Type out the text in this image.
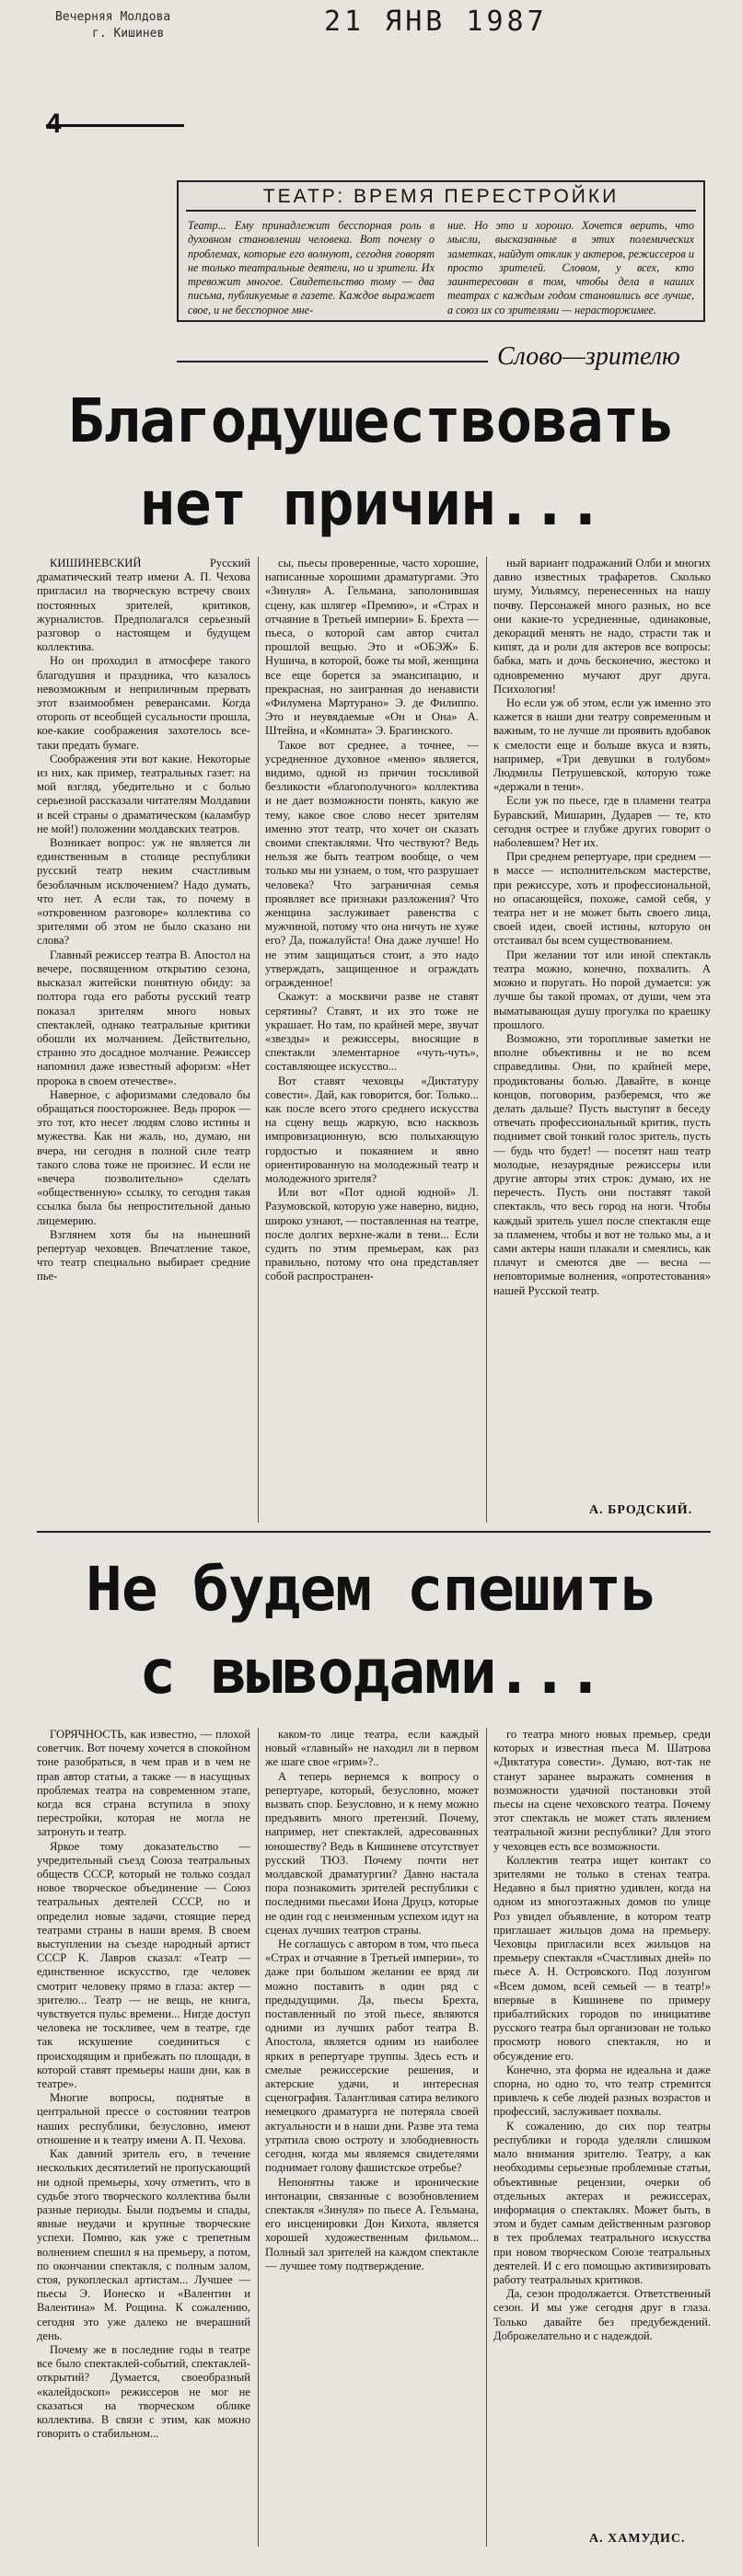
Вечерняя Молдова
г. Кишинев	21 ЯНВ 1987
ТЕАТР: ВРЕМЯ ПЕРЕСТРОЙКИ
Театр... Ему принадлежит бесспорная роль в духовном становлении человека. Вот почему о проблемах, которые его волнуют, сегодня говорят не только театральные деятели, но и зрители. Их тревожит многое. Свидетельство тому — два письма, публикуемые в газете. Каждое выражает свое, и не бесспорное мне-
ние. Но это и хорошо. Хочется верить, что мысли, высказанные в этих полемических заметках, найдут отклик у актеров, режиссеров и просто зрителей. Словом, у всех, кто заинтересован в том, чтобы дела в наших театрах с каждым годом становились все лучше, а союз их со зрителями — нерасторжимее.
Слово—зрителю
Благодушествовать
нет причин...

КИШИНЕВСКИЙ Русский драматический театр имени А. П. Чехова пригласил на творческую встречу своих постоянных зрителей, критиков, журналистов. Предполагался серьезный разговор о настоящем и будущем коллектива.

Но он проходил в атмосфере такого благодушия и праздника, что казалось невозможным и неприличным прервать этот взаимообмен реверансами. Когда оторопь от всеобщей сусальности прошла, кое-какие соображения захотелось все-таки предать бумаге.

Соображения эти вот какие. Некоторые из них, как пример, театральных газет: на мой взгляд, убедительно и с болью серьезной рассказали читателям Молдавии и всей страны о драматическом (каламбур не мой!) положении молдавских театров.

Возникает вопрос: уж не является ли единственным в столице республики русский театр неким счастливым безоблачным исключением? Надо думать, что нет. А если так, то почему в «откровенном разговоре» коллектива со зрителями об этом не было сказано ни слова?

Главный режиссер театра В. Апостол на вечере, посвященном открытию сезона, высказал житейски понятную обиду: за полтора года его работы русский театр показал зрителям много новых спектаклей, однако театральные критики обошли их молчанием. Действительно, странно это досадное молчание. Режиссер напомнил даже известный афоризм: «Нет пророка в своем отечестве».

Наверное, с афоризмами следовало бы обращаться поосторожнее. Ведь пророк — это тот, кто несет людям слово истины и мужества. Как ни жаль, но, думаю, ни вчера, ни сегодня в полной силе театр такого слова тоже не произнес. И если не «вечера позволительно» сделать «общественную» ссылку, то сегодня такая ссылка была бы непростительной данью лицемерию.

Взглянем хотя бы на нынешний репертуар чеховцев. Впечатление такое, что театр специально выбирает средние пье-

сы, пьесы проверенные, часто хорошие, написанные хорошими драматургами. Это «Зинуля» А. Гельмана, заполонившая сцену, как шлягер «Премию», и «Страх и отчаяние в Третьей империи» Б. Брехта — пьеса, о которой сам автор считал прошлой вещью. Это и «ОБЭЖ» Б. Нушича, в которой, боже ты мой, женщина все еще борется за эмансипацию, и прекрасная, но заигранная до ненависти «Филумена Мартурано» Э. де Филиппо. Это и неувядаемые «Он и Она» А. Штейна, и «Комната» Э. Брагинского.

Такое вот среднее, а точнее, — усредненное духовное «меню» является, видимо, одной из причин тоскливой безликости «благополучного» коллектива и не дает возможности понять, какую же тему, какое свое слово несет зрителям именно этот театр, что хочет он сказать своими спектаклями. Что чествуют? Ведь нельзя же быть театром вообще, о чем только мы ни узнаем, о том, что разрушает человека? Что заграничная семья проявляет все признаки разложения? Что женщина заслуживает равенства с мужчиной, потому что она ничуть не хуже его? Да, пожалуйста! Она даже лучше! Но не этим защищаться стоит, а это надо утверждать, защищенное и ограждать огражденное!

Скажут: а москвичи разве не ставят серятины? Ставят, и их это тоже не украшает. Но там, по крайней мере, звучат «звезды» и режиссеры, вносящие в спектакли элементарное «чуть-чуть», составляющее искусство...

Вот ставят чеховцы «Диктатуру совести». Дай, как говорится, бог. Только... как после всего этого среднего искусства на сцену вещь жаркую, всю насквозь импровизационную, всю полыхающую гордостью и покаянием и явно ориентированную на молодежный театр и молодежного зрителя?

Или вот «Пот одной юдной» Л. Разумовской, которую уже наверно, видно, широко узнают, — поставленная на театре, после долгих верхне-жали в тени... Если судить по этим премьерам, как раз правильно, потому что она представляет собой распространен-

ный вариант подражаний Олби и многих давно известных трафаретов. Сколько шуму, Уильямсу, перенесенных на нашу почву. Персонажей много разных, но все они какие-то усредненные, одинаковые, декораций менять не надо, страсти так и кипят, да и роли для актеров все вопросы: бабка, мать и дочь бесконечно, жестоко и одновременно мучают друг друга. Психология!

Но если уж об этом, если уж именно это кажется в наши дни театру современным и важным, то не лучше ли проявить вдобавок к смелости еще и больше вкуса и взять, например, «Три девушки в голубом» Людмилы Петрушевской, которую тоже «держали в тени».

Если уж по пьесе, где в пламени театра Буравский, Мишарин, Дударев — те, кто сегодня острее и глубже других говорит о наболевшем? Нет их.

При среднем репертуаре, при среднем — в массе — исполнительском мастерстве, при режиссуре, хоть и профессиональной, но опасающейся, похоже, самой себя, у театра нет и не может быть своего лица, своей идеи, своей истины, которую он отстаивал бы всем существованием.

При желании тот или иной спектакль театра можно, конечно, похвалить. А можно и поругать. Но порой думается: уж лучше бы такой промах, от души, чем эта выматывающая душу прогулка по краешку прошлого.

Возможно, эти торопливые заметки не вполне объективны и не во всем справедливы. Они, по крайней мере, продиктованы болью. Давайте, в конце концов, поговорим, разберемся, что же делать дальше? Пусть выступят в беседу отвечать профессиональный критик, пусть поднимет свой тонкий голос зритель, пусть — будь что будет! — посетят наш театр молодые, незаурядные режиссеры или другие авторы этих строк: думаю, их не перечесть. Пусть они поставят такой спектакль, что весь город на ноги. Чтобы каждый зритель ушел после спектакля еще за пламенем, чтобы и вот не только мы, а и сами актеры наши плакали и смеялись, как плачут и смеются две — весна — неповторимые волнения, «опротестования» нашей Русской театр.

А. БРОДСКИЙ.
Не будем спешить
с выводами...

ГОРЯЧНОСТЬ, как известно, — плохой советчик. Вот почему хочется в спокойном тоне разобраться, в чем прав и в чем не прав автор статьи, а также — в насущных проблемах театра на современном этапе, когда вся страна вступила в эпоху перестройки, которая не могла не затронуть и театр.

Яркое тому доказательство — учредительный съезд Союза театральных обществ СССР, который не только создал новое творческое объединение — Союз театральных деятелей СССР, но и определил новые задачи, стоящие перед театрами страны в наши время. В своем выступлении на съезде народный артист СССР К. Лавров сказал: «Театр — единственное искусство, где человек смотрит человеку прямо в глаза: актер — зрителю... Театр — не вещь, не книга, чувствуется пульс времени... Нигде доступ человека не тоскливее, чем в театре, где так искушение соединиться с происходящим и прибежать по площади, в которой ставят премьеры наши дни, как в театре».

Многие вопросы, поднятые в центральной прессе о состоянии театров наших республики, безусловно, имеют отношение и к театру имени А. П. Чехова.

Как давний зритель его, в течение нескольких десятилетий не пропускающий ни одной премьеры, хочу отметить, что в судьбе этого творческого коллектива были разные периоды. Были подъемы и спады, явные неудачи и крупные творческие успехи. Помню, как уже с трепетным волнением спешил я на премьеру, а потом, по окончании спектакля, с полным залом, стоя, рукоплескал артистам... Лучшее — пьесы Э. Ионеско и «Валентин и Валентина» М. Рощина. К сожалению, сегодня это уже далеко не вчерашний день.

Почему же в последние годы в театре все было спектаклей-событий, спектаклей-открытий? Думается, своеобразный «калейдоскоп» режиссеров не мог не сказаться на творческом облике коллектива. В связи с этим, как можно говорить о стабильном...

каком-то лице театра, если каждый новый «главный» не находил ли в первом же шаге свое «грим»?..

А теперь вернемся к вопросу о репертуаре, который, безусловно, может вызвать спор. Безусловно, и к нему можно предъявить много претензий. Почему, например, нет спектаклей, адресованных юношеству? Ведь в Кишиневе отсутствует русский ТЮЗ. Почему почти нет молдавской драматургии? Давно настала пора познакомить зрителей республики с последними пьесами Иона Друцэ, которые не один год с неизменным успехом идут на сценах лучших театров страны.

Не соглашусь с автором в том, что пьеса «Страх и отчаяние в Третьей империи», то даже при большом желании ее вряд ли можно поставить в один ряд с предыдущими. Да, пьесы Брехта, поставленный по этой пьесе, являются одними из лучших работ театра В. Апостола, является одним из наиболее ярких в репертуаре труппы. Здесь есть и смелые режиссерские решения, и актерские удачи, и интересная сценография. Талантливая сатира великого немецкого драматурга не потеряла своей актуальности и в наши дни. Разве эта тема утратила свою остроту и злободневность сегодня, когда мы являемся свидетелями поднимает голову фашистское отребье?

Непонятны также и иронические интонации, связанные с возобновлением спектакля «Зинуля» по пьесе А. Гельмана, его инсценировки Дон Кихота, является хорошей художественным фильмом... Полный зал зрителей на каждом спектакле — лучшее тому подтверждение.

го театра много новых премьер, среди которых и известная пьеса М. Шатрова «Диктатура совести». Думаю, вот-так не станут заранее выражать сомнения в возможности удачной постановки этой пьесы на сцене чеховского театра. Почему этот спектакль не может стать явлением театральной жизни республики? Для этого у чеховцев есть все возможности.

Коллектив театра ищет контакт со зрителями не только в стенах театра. Недавно я был приятно удивлен, когда на одном из многоэтажных домов по улице Роз увидел объявление, в котором театр приглашает жильцов дома на премьеру. Чеховцы пригласили всех жильцов на премьеру спектакля «Счастливых дней» по пьесе А. Н. Островского. Под лозунгом «Всем домом, всей семьей — в театр!» впервые в Кишиневе по примеру прибалтийских городов по инициативе русского театра был организован не только просмотр нового спектакля, но и обсуждение его.

Конечно, эта форма не идеальна и даже спорна, но одно то, что театр стремится привлечь к себе людей разных возрастов и профессий, заслуживает похвалы.

К сожалению, до сих пор театры республики и города уделяли слишком мало внимания зрителю. Театру, а как необходимы серьезные проблемные статьи, объективные рецензии, очерки об отдельных актерах и режиссерах, информация о спектаклях. Может быть, в этом и будет самым действенным разговор в тех проблемах театрального искусства при новом творческом Союзе театральных деятелей. И с его помощью активизировать работу театральных критиков.

Да, сезон продолжается. Ответственный сезон. И мы уже сегодня друг в глаза. Только давайте без предубеждений. Доброжелательно и с надеждой.

А. ХАМУДИС.
